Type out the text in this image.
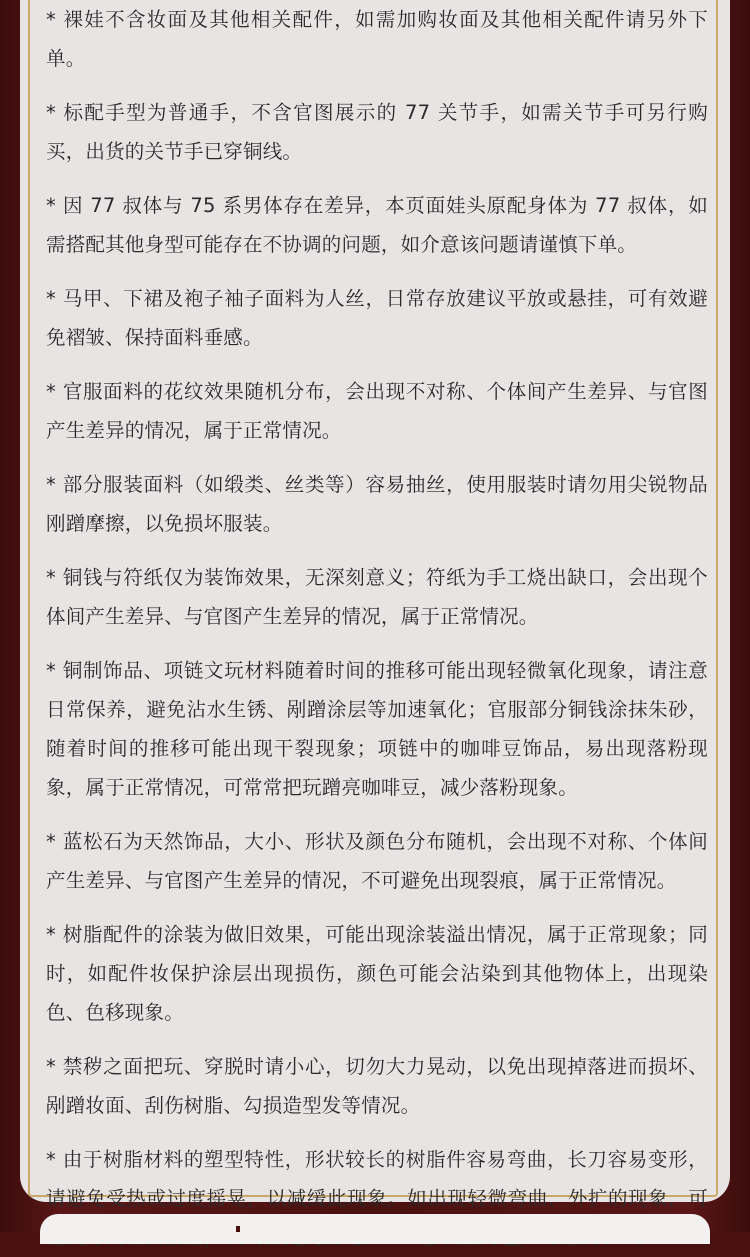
* 裸娃不含妆面及其他相关配件，如需加购妆面及其他相关配件请另外下单。

* 标配手型为普通手，不含官图展示的 77 关节手，如需关节手可另行购买，出货的关节手已穿铜线。

* 因 77 叔体与 75 系男体存在差异，本页面娃头原配身体为 77 叔体，如需搭配其他身型可能存在不协调的问题，如介意该问题请谨慎下单。

* 马甲、下裙及袍子袖子面料为人丝，日常存放建议平放或悬挂，可有效避免褶皱、保持面料垂感。

* 官服面料的花纹效果随机分布，会出现不对称、个体间产生差异、与官图产生差异的情况，属于正常情况。

* 部分服装面料（如缎类、丝类等）容易抽丝，使用服装时请勿用尖锐物品刚蹭摩擦，以免损坏服装。

* 铜钱与符纸仅为装饰效果，无深刻意义；符纸为手工烧出缺口，会出现个体间产生差异、与官图产生差异的情况，属于正常情况。

* 铜制饰品、项链文玩材料随着时间的推移可能出现轻微氧化现象，请注意日常保养，避免沾水生锈、剐蹭涂层等加速氧化；官服部分铜钱涂抹朱砂，随着时间的推移可能出现干裂现象；项链中的咖啡豆饰品，易出现落粉现象，属于正常情况，可常常把玩蹭亮咖啡豆，减少落粉现象。

* 蓝松石为天然饰品，大小、形状及颜色分布随机，会出现不对称、个体间产生差异、与官图产生差异的情况，不可避免出现裂痕，属于正常情况。

* 树脂配件的涂装为做旧效果，可能出现涂装溢出情况，属于正常现象；同时，如配件妆保护涂层出现损伤，颜色可能会沾染到其他物体上，出现染色、色移现象。

* 禁秽之面把玩、穿脱时请小心，切勿大力晃动，以免出现掉落进而损坏、剐蹭妆面、刮伤树脂、勾损造型发等情况。

* 由于树脂材料的塑型特性，形状较长的树脂件容易弯曲，长刀容易变形，请避免受热或过度摇晃，以减缓此现象。如出现轻微弯曲、外扩的现象，可
